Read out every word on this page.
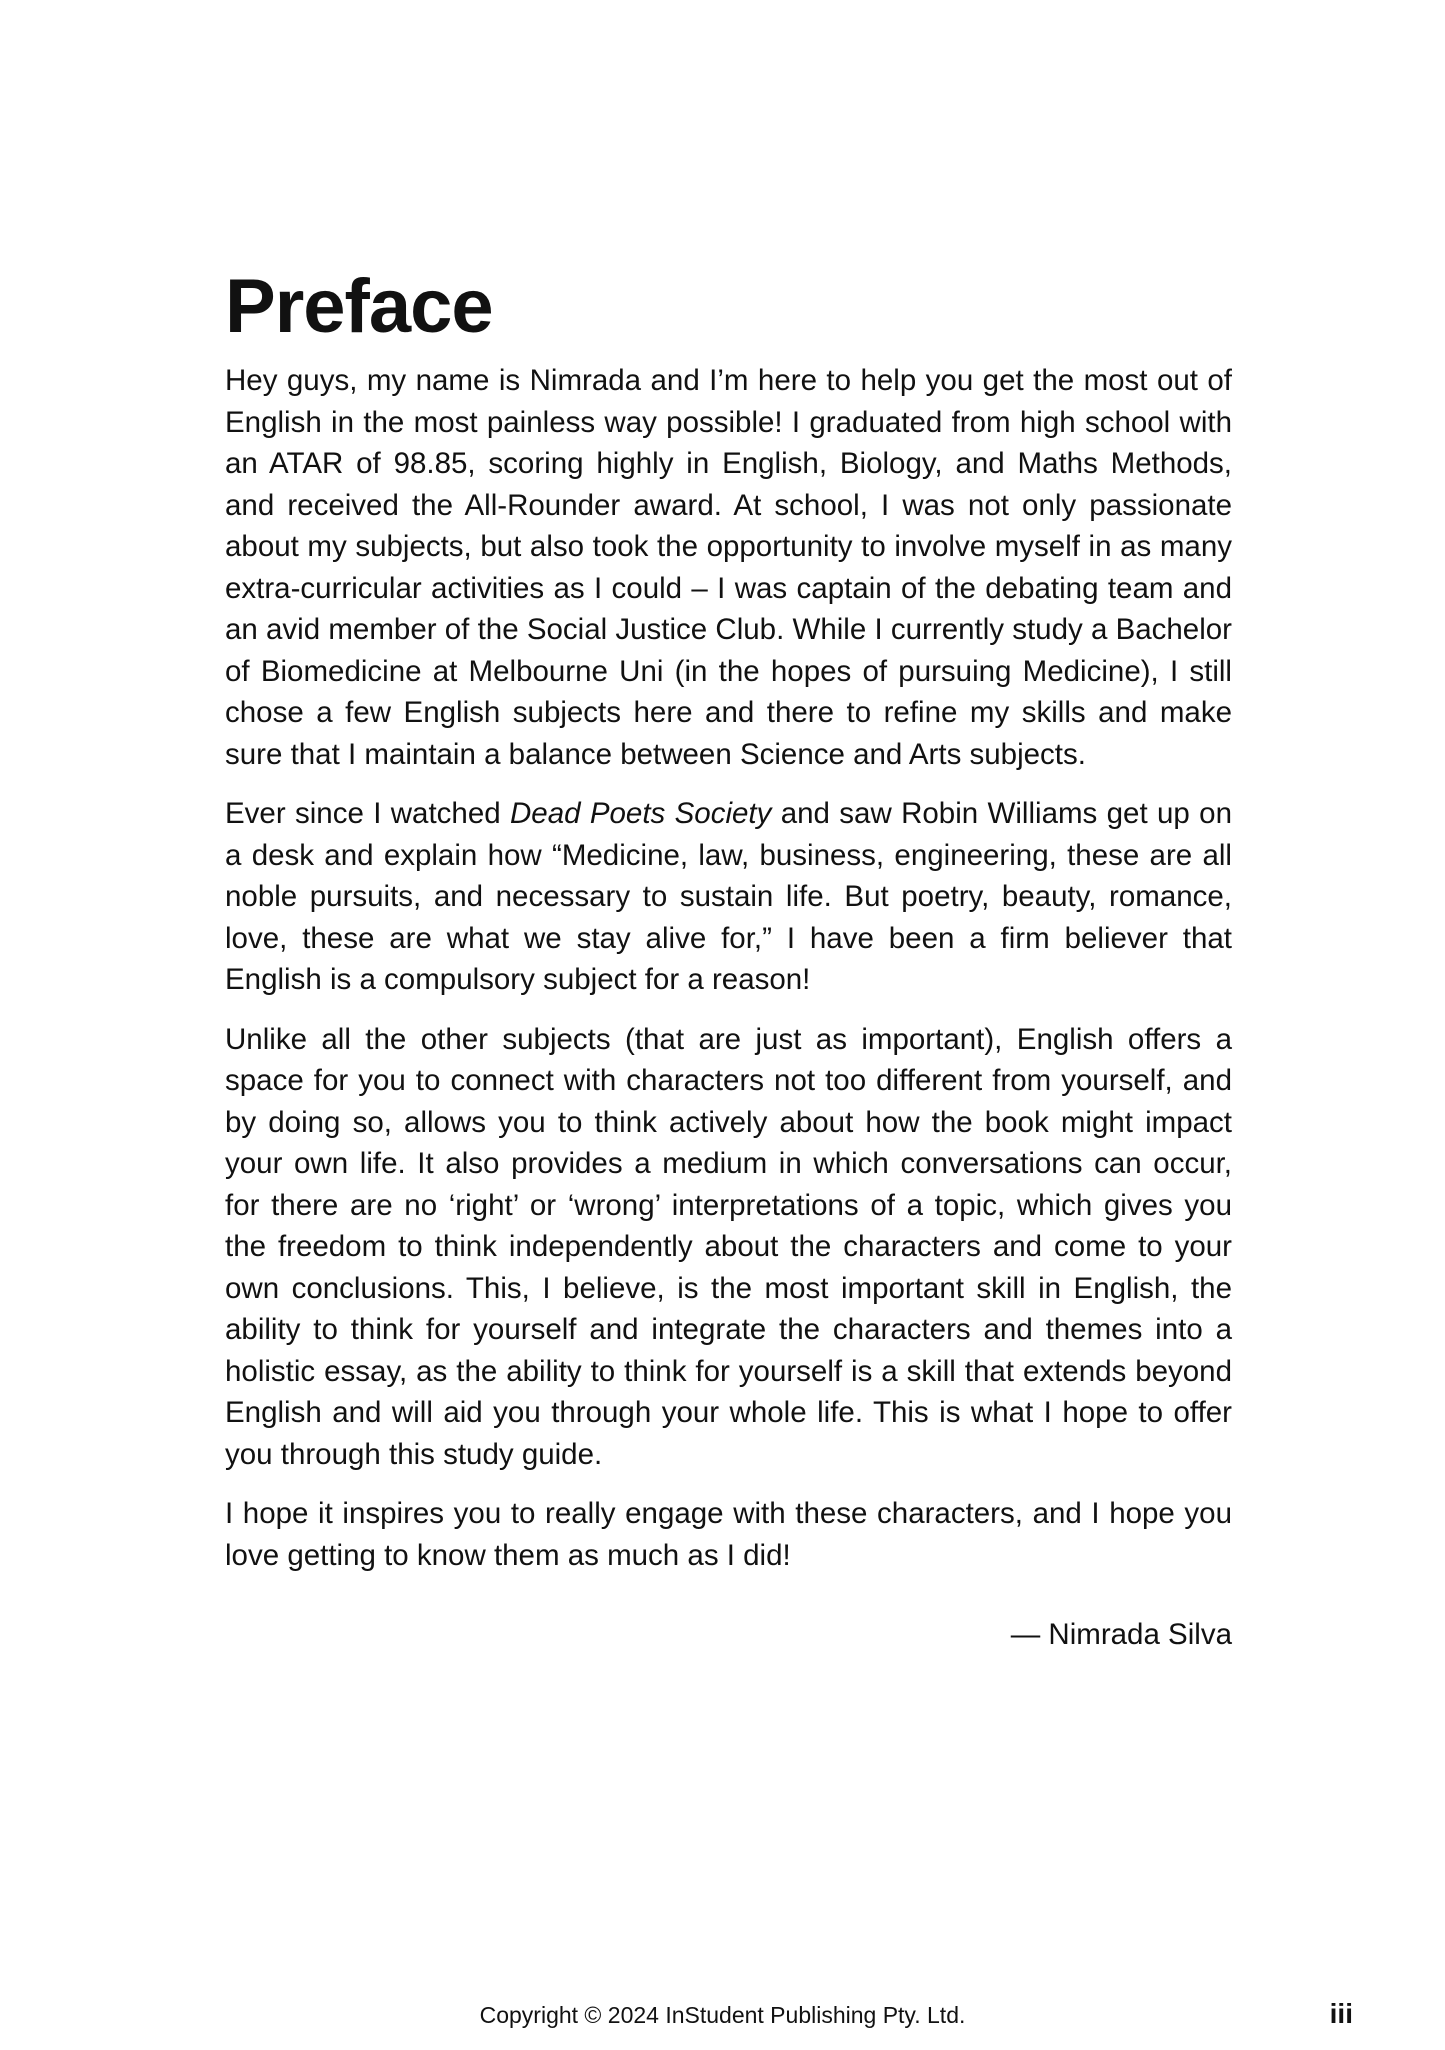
Preface

Hey guys, my name is Nimrada and I’m here to help you get the most out of English in the most painless way possible! I graduated from high school with an ATAR of 98.85, scoring highly in English, Biology, and Maths Methods, and received the All-Rounder award. At school, I was not only passionate about my subjects, but also took the opportunity to involve myself in as many extra-curricular activities as I could – I was captain of the debating team and an avid member of the Social Justice Club. While I currently study a Bachelor of Biomedicine at Melbourne Uni (in the hopes of pursuing Medicine), I still chose a few English subjects here and there to refine my skills and make sure that I maintain a balance between Science and Arts subjects.

Ever since I watched Dead Poets Society and saw Robin Williams get up on a desk and explain how “Medicine, law, business, engineering, these are all noble pursuits, and necessary to sustain life. But poetry, beauty, romance, love, these are what we stay alive for,” I have been a firm believer that English is a compulsory subject for a reason!

Unlike all the other subjects (that are just as important), English offers a space for you to connect with characters not too different from yourself, and by doing so, allows you to think actively about how the book might impact your own life. It also provides a medium in which conversations can occur, for there are no ‘right’ or ‘wrong’ interpretations of a topic, which gives you the freedom to think independently about the characters and come to your own conclusions. This, I believe, is the most important skill in English, the ability to think for yourself and integrate the characters and themes into a holistic essay, as the ability to think for yourself is a skill that extends beyond English and will aid you through your whole life. This is what I hope to offer you through this study guide.

I hope it inspires you to really engage with these characters, and I hope you love getting to know them as much as I did!

— Nimrada Silva
Copyright © 2024 InStudent Publishing Pty. Ltd.	iii
